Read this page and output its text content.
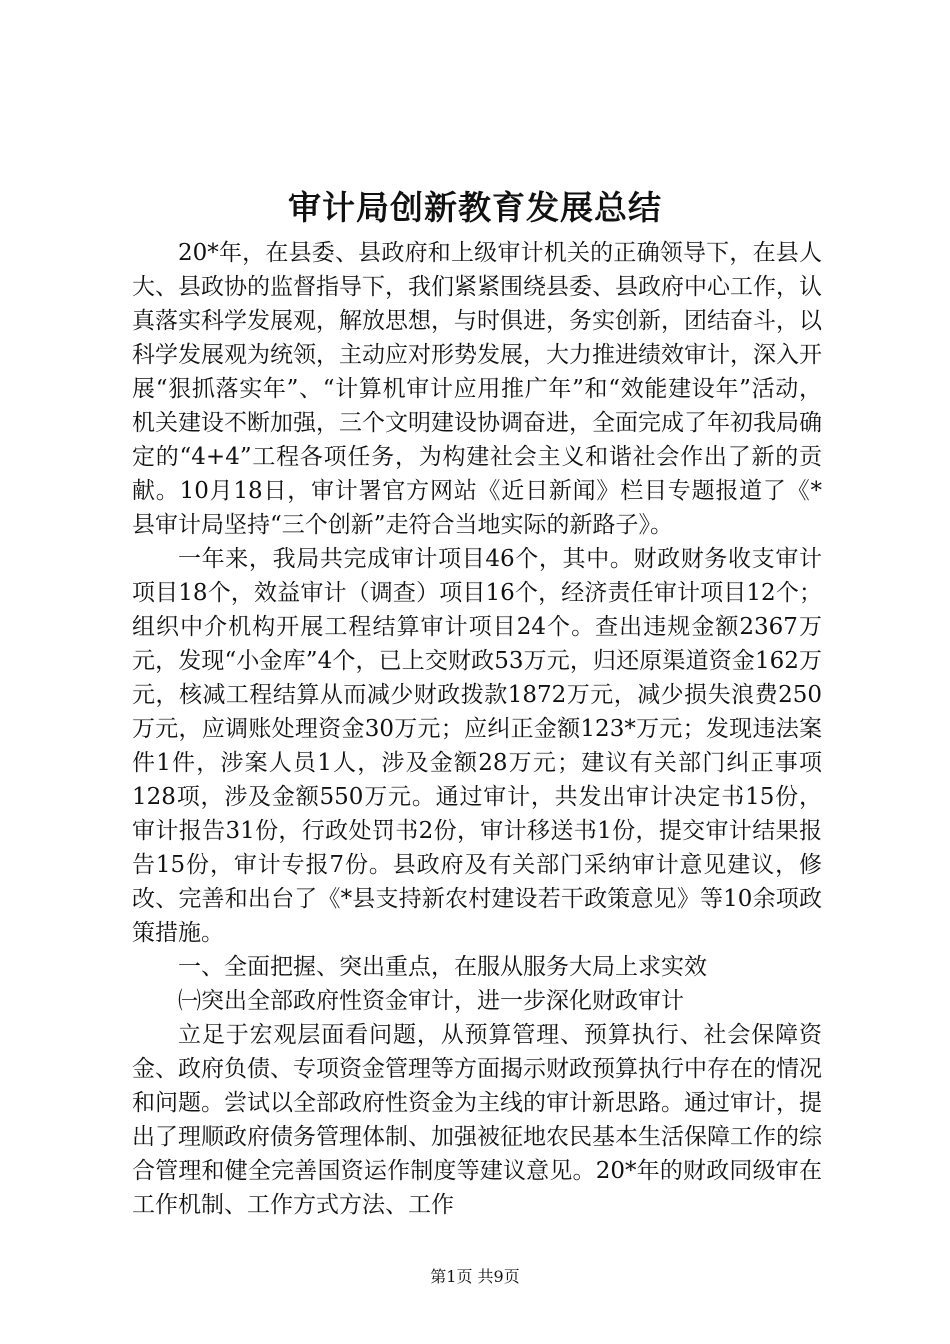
审计局创新教育发展总结

20*年，在县委、县政府和上级审计机关的正确领导下，在县人大、县政协的监督指导下，我们紧紧围绕县委、县政府中心工作，认真落实科学发展观，解放思想，与时俱进，务实创新，团结奋斗，以科学发展观为统领，主动应对形势发展，大力推进绩效审计，深入开展“狠抓落实年”、“计算机审计应用推广年”和“效能建设年”活动，机关建设不断加强，三个文明建设协调奋进，全面完成了年初我局确定的“4+4”工程各项任务，为构建社会主义和谐社会作出了新的贡献。10月18日，审计署官方网站《近日新闻》栏目专题报道了《*县审计局坚持“三个创新”走符合当地实际的新路子》。

一年来，我局共完成审计项目46个，其中。财政财务收支审计项目18个，效益审计（调查）项目16个，经济责任审计项目12个；组织中介机构开展工程结算审计项目24个。查出违规金额2367万元，发现“小金库”4个，已上交财政53万元，归还原渠道资金162万元，核减工程结算从而减少财政拨款1872万元，减少损失浪费250万元，应调账处理资金30万元；应纠正金额123*万元；发现违法案件1件，涉案人员1人，涉及金额28万元；建议有关部门纠正事项128项，涉及金额550万元。通过审计，共发出审计决定书15份，审计报告31份，行政处罚书2份，审计移送书1份，提交审计结果报告15份，审计专报7份。县政府及有关部门采纳审计意见建议，修改、完善和出台了《*县支持新农村建设若干政策意见》等10余项政策措施。

一、全面把握、突出重点，在服从服务大局上求实效

㈠突出全部政府性资金审计，进一步深化财政审计

立足于宏观层面看问题，从预算管理、预算执行、社会保障资金、政府负债、专项资金管理等方面揭示财政预算执行中存在的情况和问题。尝试以全部政府性资金为主线的审计新思路。通过审计，提出了理顺政府债务管理体制、加强被征地农民基本生活保障工作的综合管理和健全完善国资运作制度等建议意见。20*年的财政同级审在工作机制、工作方式方法、工作

第1页 共9页
